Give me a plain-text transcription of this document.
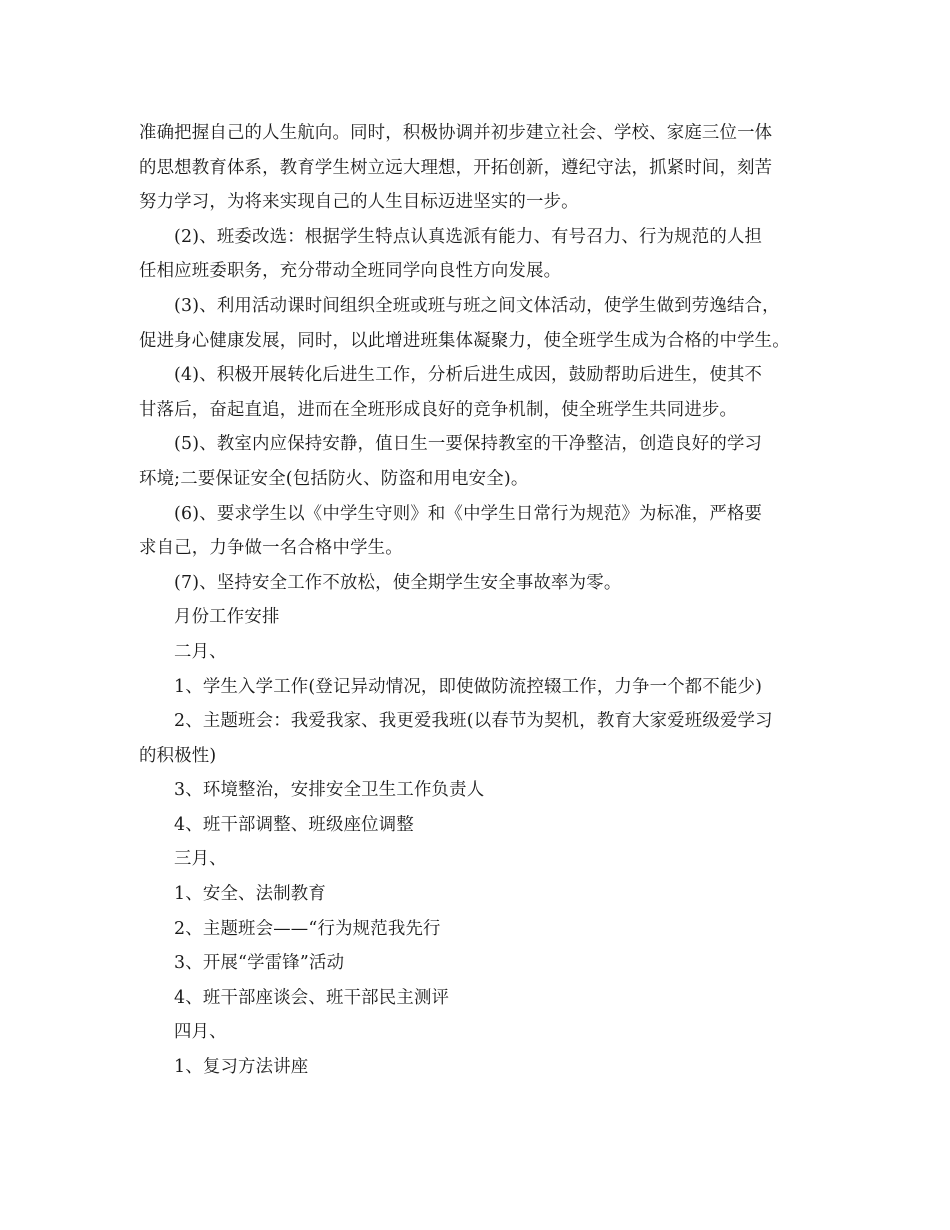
准确把握自己的人生航向。同时，积极协调并初步建立社会、学校、家庭三位一体
的思想教育体系，教育学生树立远大理想，开拓创新，遵纪守法，抓紧时间，刻苦
努力学习，为将来实现自己的人生目标迈进坚实的一步。
(2)、班委改选：根据学生特点认真选派有能力、有号召力、行为规范的人担
任相应班委职务，充分带动全班同学向良性方向发展。
(3)、利用活动课时间组织全班或班与班之间文体活动，使学生做到劳逸结合，
促进身心健康发展，同时，以此增进班集体凝聚力，使全班学生成为合格的中学生。
(4)、积极开展转化后进生工作，分析后进生成因，鼓励帮助后进生，使其不
甘落后，奋起直追，进而在全班形成良好的竞争机制，使全班学生共同进步。
(5)、教室内应保持安静，值日生一要保持教室的干净整洁，创造良好的学习
环境;二要保证安全(包括防火、防盗和用电安全)。
(6)、要求学生以《中学生守则》和《中学生日常行为规范》为标准，严格要
求自己，力争做一名合格中学生。
(7)、坚持安全工作不放松，使全期学生安全事故率为零。
月份工作安排
二月、
1、学生入学工作(登记异动情况，即使做防流控辍工作，力争一个都不能少)
2、主题班会：我爱我家、我更爱我班(以春节为契机，教育大家爱班级爱学习
的积极性)
3、环境整治，安排安全卫生工作负责人
4、班干部调整、班级座位调整
三月、
1、安全、法制教育
2、主题班会——“行为规范我先行
3、开展“学雷锋”活动
4、班干部座谈会、班干部民主测评
四月、
1、复习方法讲座
